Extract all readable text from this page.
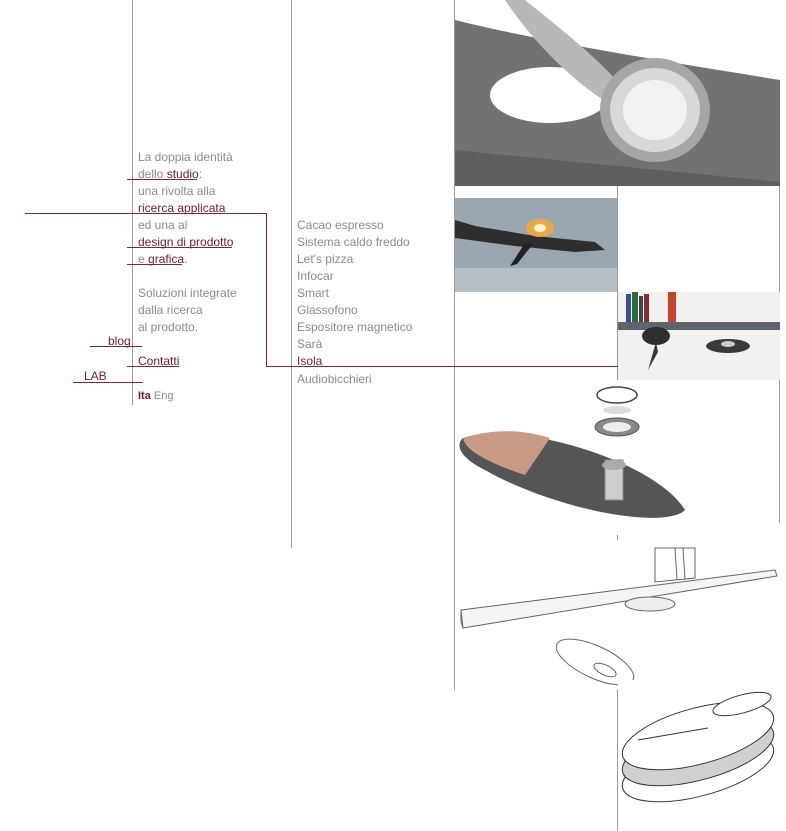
La doppia identità
dello studio:
una rivolta alla
ricerca applicata
ed una al
design di prodotto
e grafica.
Soluzioni integrate
dalla ricerca
al prodotto.
blog
Contatti
LAB
Ita Eng
Cacao espresso
Sistema caldo freddo
Let's pizza
Infocar
Smart
Glassofono
Espositore magnetico
Sarà
Isola
Audiobicchieri
